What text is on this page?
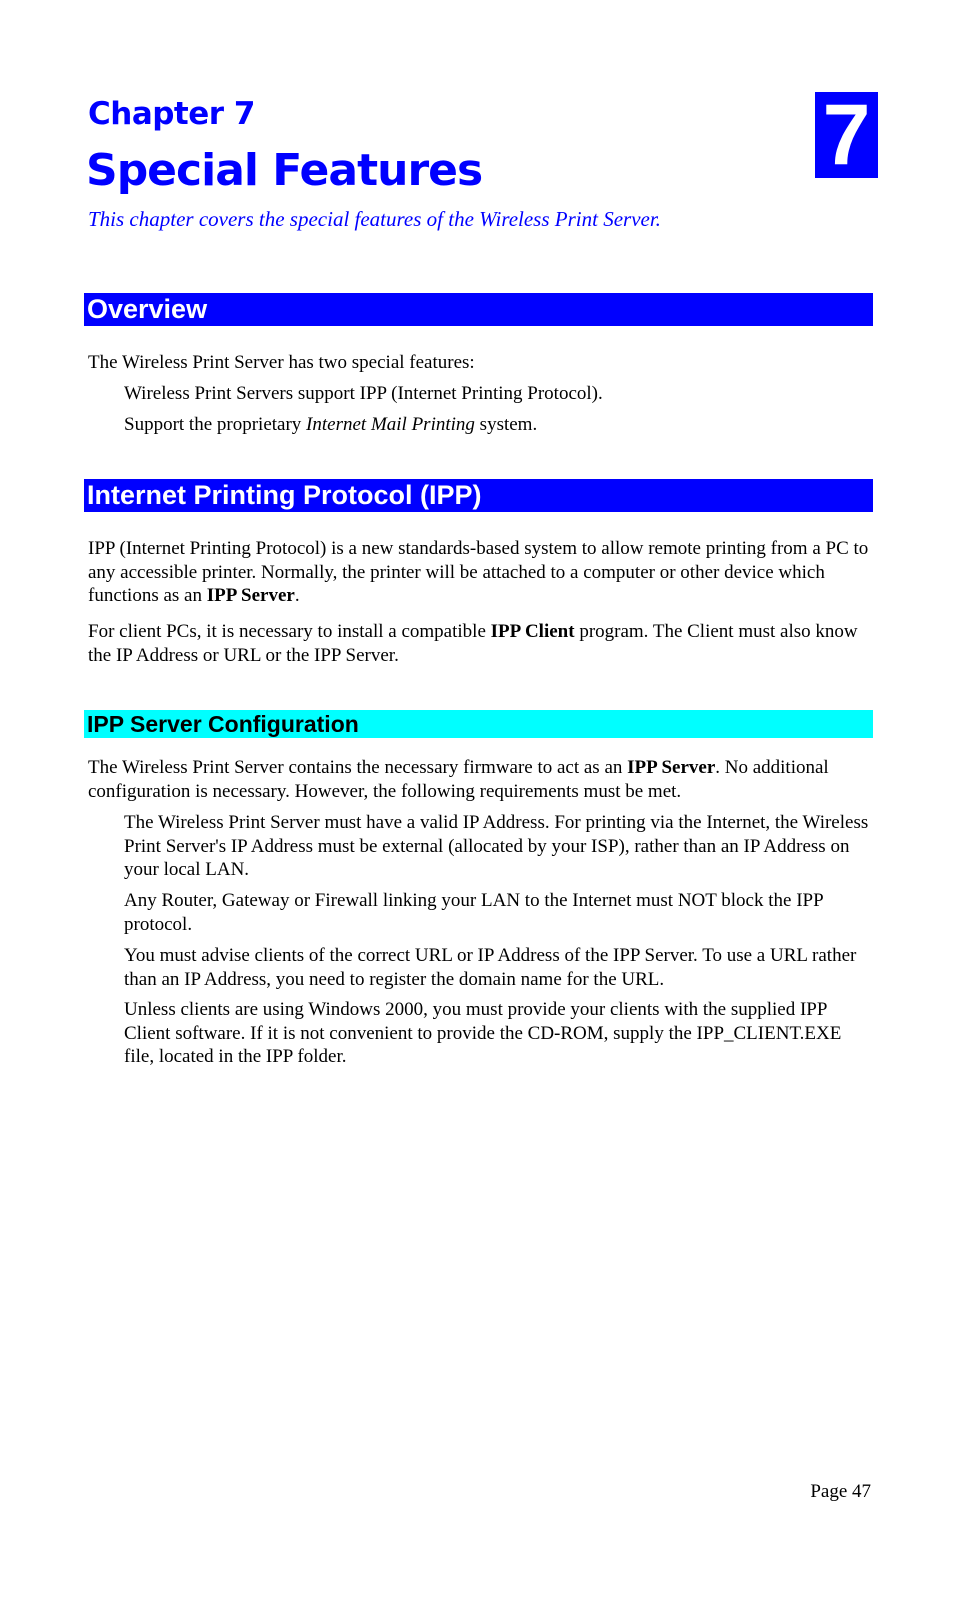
Chapter 7
Special Features
This chapter covers the special features of the Wireless Print Server.
7
Overview
The Wireless Print Server has two special features:
Wireless Print Servers support IPP (Internet Printing Protocol).
Support the proprietary Internet Mail Printing system.
Internet Printing Protocol (IPP)
IPP (Internet Printing Protocol) is a new standards-based system to allow remote printing from a PC to any accessible printer. Normally, the printer will be attached to a computer or other device which functions as an IPP Server.
For client PCs, it is necessary to install a compatible IPP Client program. The Client must also know the IP Address or URL or the IPP Server.
IPP Server Configuration
The Wireless Print Server contains the necessary firmware to act as an IPP Server. No additional configuration is necessary. However, the following requirements must be met.
The Wireless Print Server must have a valid IP Address. For printing via the Internet, the Wireless Print Server's IP Address must be external (allocated by your ISP), rather than an IP Address on your local LAN.
Any Router, Gateway or Firewall linking your LAN to the Internet must NOT block the IPP protocol.
You must advise clients of the correct URL or IP Address of the IPP Server. To use a URL rather than an IP Address, you need to register the domain name for the URL.
Unless clients are using Windows 2000, you must provide your clients with the supplied IPP Client software. If it is not convenient to provide the CD-ROM, supply the IPP_CLIENT.EXE file, located in the IPP folder.
Page 47
